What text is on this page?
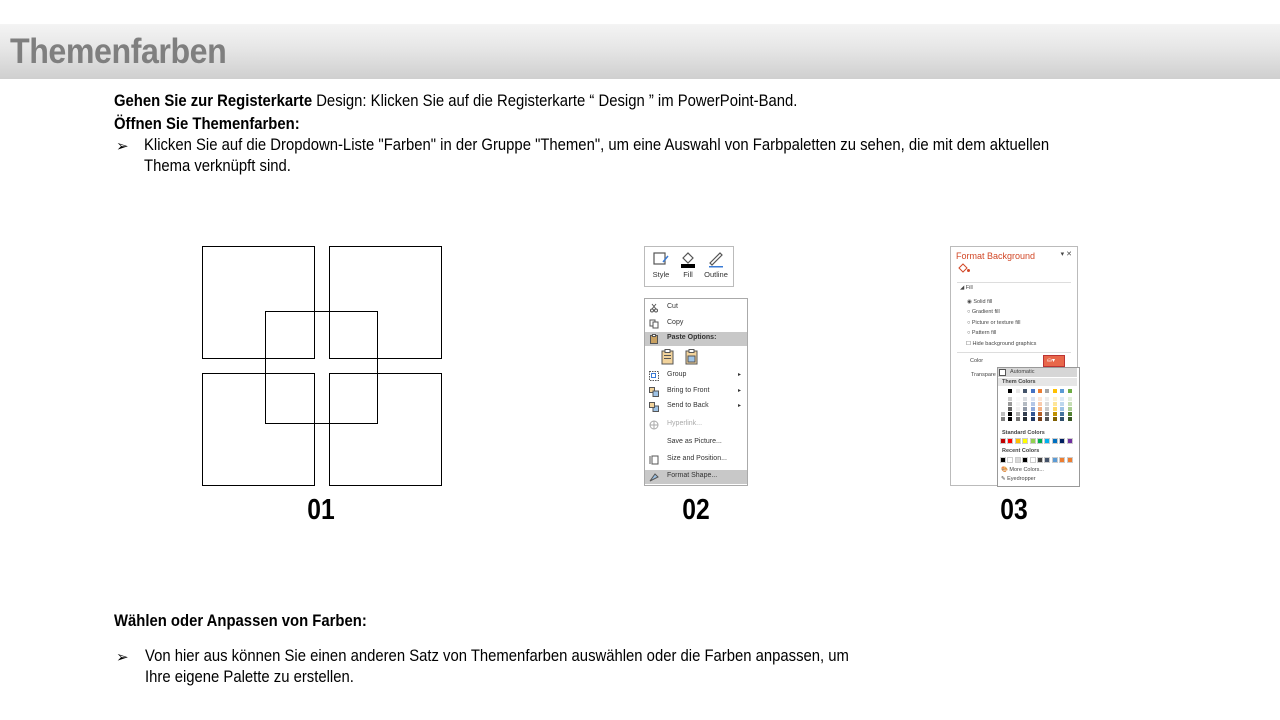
Themenfarben
Gehen Sie zur Registerkarte Design: Klicken Sie auf die Registerkarte “ Design ” im PowerPoint-Band.
Öffnen Sie Themenfarben:
➢ Klicken Sie auf die Dropdown-Liste "Farben" in der Gruppe "Themen", um eine Auswahl von Farbpaletten zu sehen, die mit dem aktuellen
Thema verknüpft sind.
01
Style	Fill	Outline
Cut
Copy
Paste Options:
Group	▸
Bring to Front	▸
Send to Back	▸
Hyperlink...
Save as Picture...
Size and Position...
Format Shape...
02
Format Background	▾ ✕
◢ Fill
◉ Solid fill
○ Gradient fill
○ Picture or texture fill
○ Pattern fill
☐ Hide background graphics
Color	⛀▾
Transpare	Automatic
Them Colors
Standard Colors
Recent Colors
🎨 More Colors...
✎ Eyedropper
03
Wählen oder Anpassen von Farben:
➢ Von hier aus können Sie einen anderen Satz von Themenfarben auswählen oder die Farben anpassen, um
Ihre eigene Palette zu erstellen.
